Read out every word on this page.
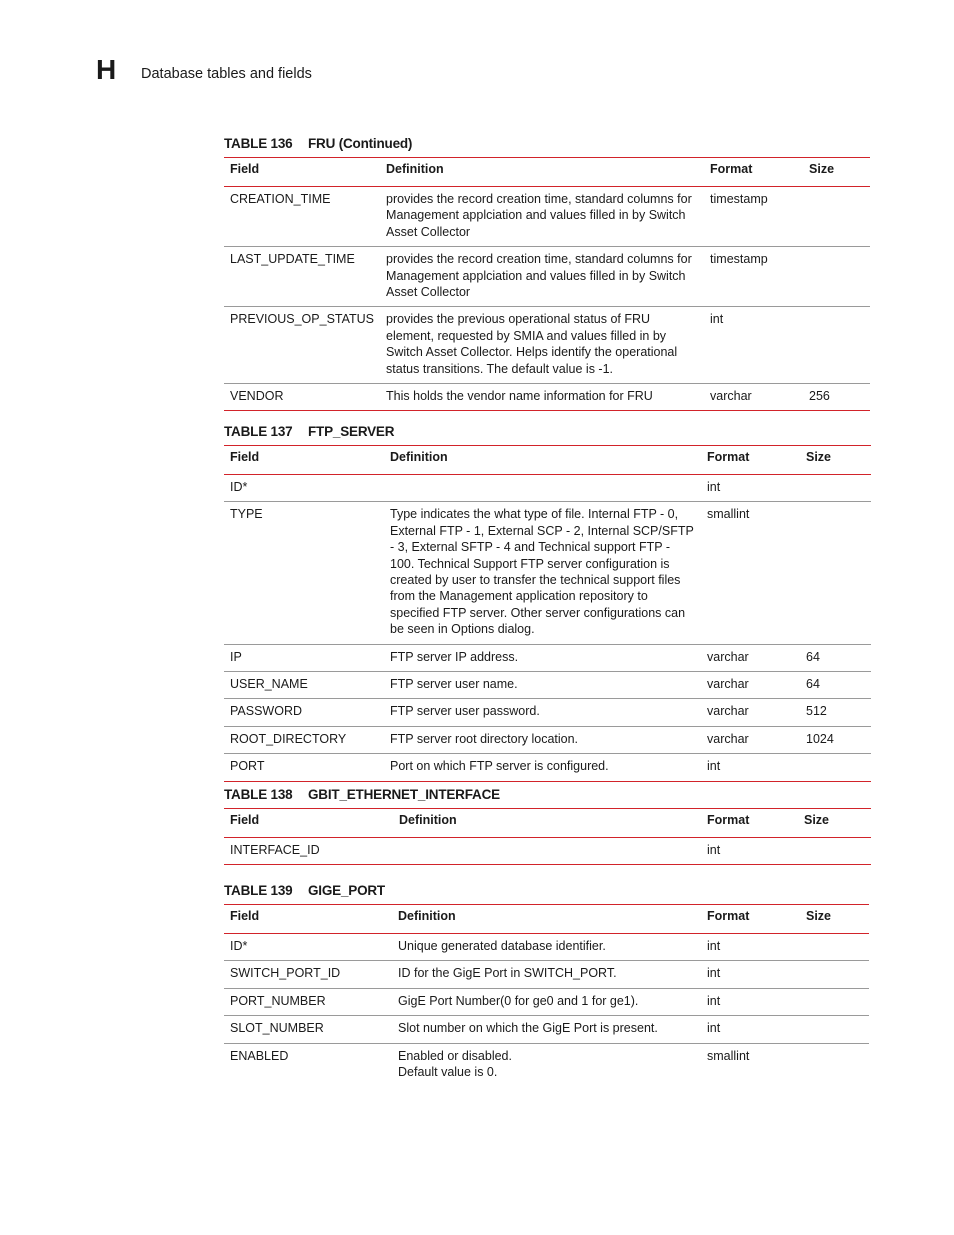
H Database tables and fields
TABLE 136 FRU (Continued)
Field	Definition	Format	Size
CREATION_TIME	provides the record creation time, standard columns for Management applciation and values filled in by Switch Asset Collector	timestamp	
LAST_UPDATE_TIME	provides the record creation time, standard columns for Management applciation and values filled in by Switch Asset Collector	timestamp	
PREVIOUS_OP_STATUS	provides the previous operational status of FRU element, requested by SMIA and values filled in by Switch Asset Collector. Helps identify the operational status transitions. The default value is -1.	int	
VENDOR	This holds the vendor name information for FRU	varchar	256
TABLE 137 FTP_SERVER
Field	Definition	Format	Size
ID*		int	
TYPE	Type indicates the what type of file. Internal FTP - 0, External FTP - 1, External SCP - 2, Internal SCP/SFTP - 3, External SFTP - 4 and Technical support FTP - 100. Technical Support FTP server configuration is created by user to transfer the technical support files from the Management application repository to specified FTP server. Other server configurations can be seen in Options dialog.	smallint	
IP	FTP server IP address.	varchar	64
USER_NAME	FTP server user name.	varchar	64
PASSWORD	FTP server user password.	varchar	512
ROOT_DIRECTORY	FTP server root directory location.	varchar	1024
PORT	Port on which FTP server is configured.	int	
TABLE 138 GBIT_ETHERNET_INTERFACE
Field	Definition	Format	Size
INTERFACE_ID		int	
TABLE 139 GIGE_PORT
Field	Definition	Format	Size
ID*	Unique generated database identifier.	int	
SWITCH_PORT_ID	ID for the GigE Port in SWITCH_PORT.	int	
PORT_NUMBER	GigE Port Number(0 for ge0 and 1 for ge1).	int	
SLOT_NUMBER	Slot number on which the GigE Port is present.	int	
ENABLED	Enabled or disabled.
Default value is 0.	smallint	
